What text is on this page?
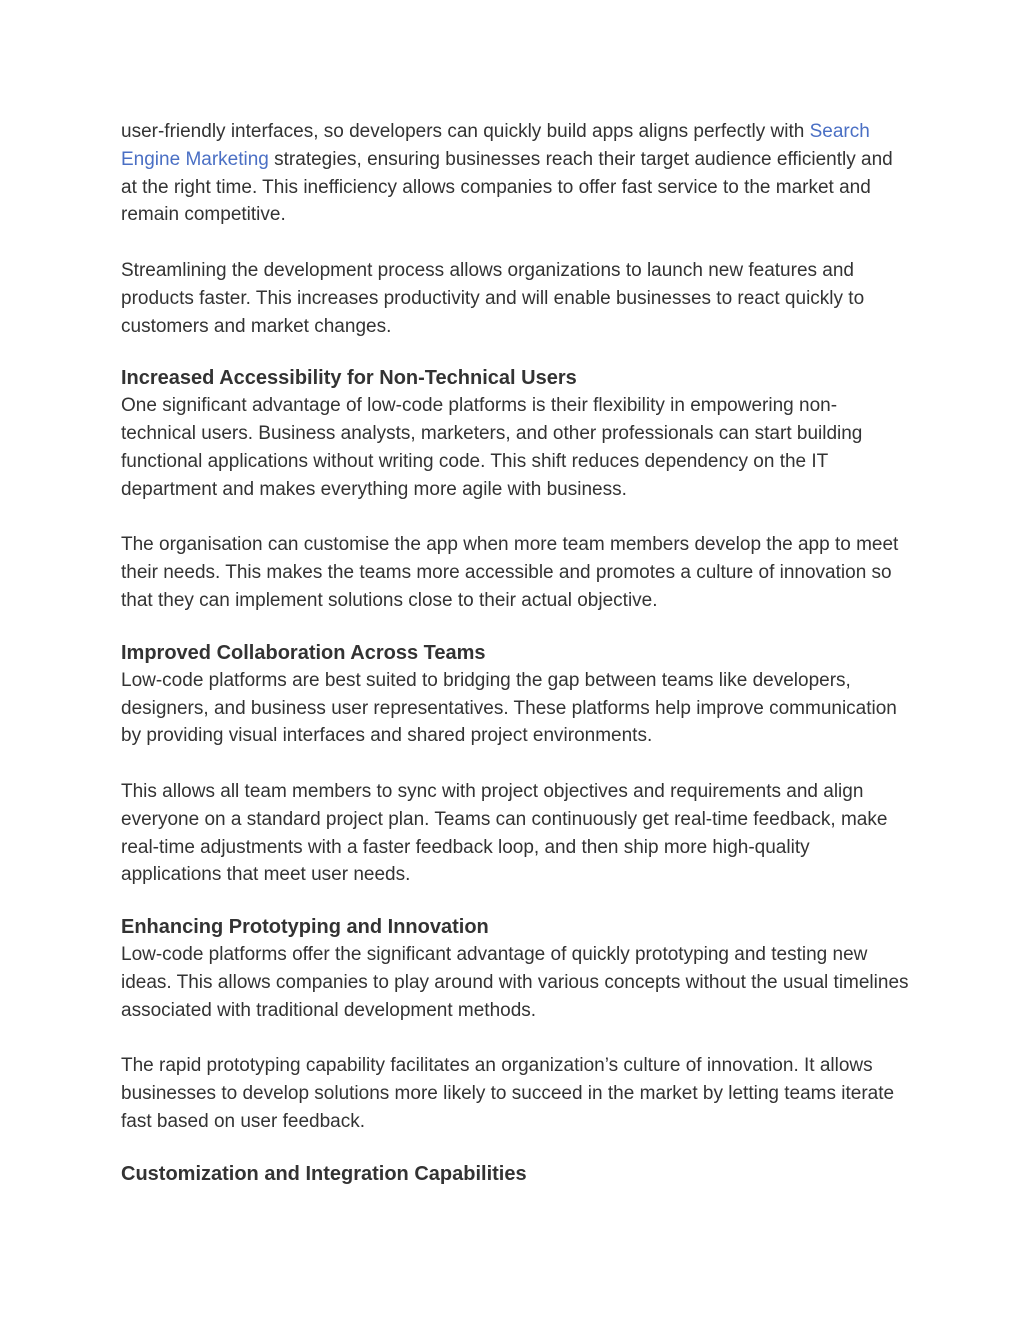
user-friendly interfaces, so developers can quickly build apps aligns perfectly with Search Engine Marketing strategies, ensuring businesses reach their target audience efficiently and at the right time. This inefficiency allows companies to offer fast service to the market and remain competitive.

Streamlining the development process allows organizations to launch new features and products faster. This increases productivity and will enable businesses to react quickly to customers and market changes.

Increased Accessibility for Non-Technical Users

One significant advantage of low-code platforms is their flexibility in empowering non-technical users. Business analysts, marketers, and other professionals can start building functional applications without writing code. This shift reduces dependency on the IT department and makes everything more agile with business.

The organisation can customise the app when more team members develop the app to meet their needs. This makes the teams more accessible and promotes a culture of innovation so that they can implement solutions close to their actual objective.

Improved Collaboration Across Teams

Low-code platforms are best suited to bridging the gap between teams like developers, designers, and business user representatives. These platforms help improve communication by providing visual interfaces and shared project environments.

This allows all team members to sync with project objectives and requirements and align everyone on a standard project plan. Teams can continuously get real-time feedback, make real-time adjustments with a faster feedback loop, and then ship more high-quality applications that meet user needs.

Enhancing Prototyping and Innovation

Low-code platforms offer the significant advantage of quickly prototyping and testing new ideas. This allows companies to play around with various concepts without the usual timelines associated with traditional development methods.

The rapid prototyping capability facilitates an organization’s culture of innovation. It allows businesses to develop solutions more likely to succeed in the market by letting teams iterate fast based on user feedback.

Customization and Integration Capabilities
